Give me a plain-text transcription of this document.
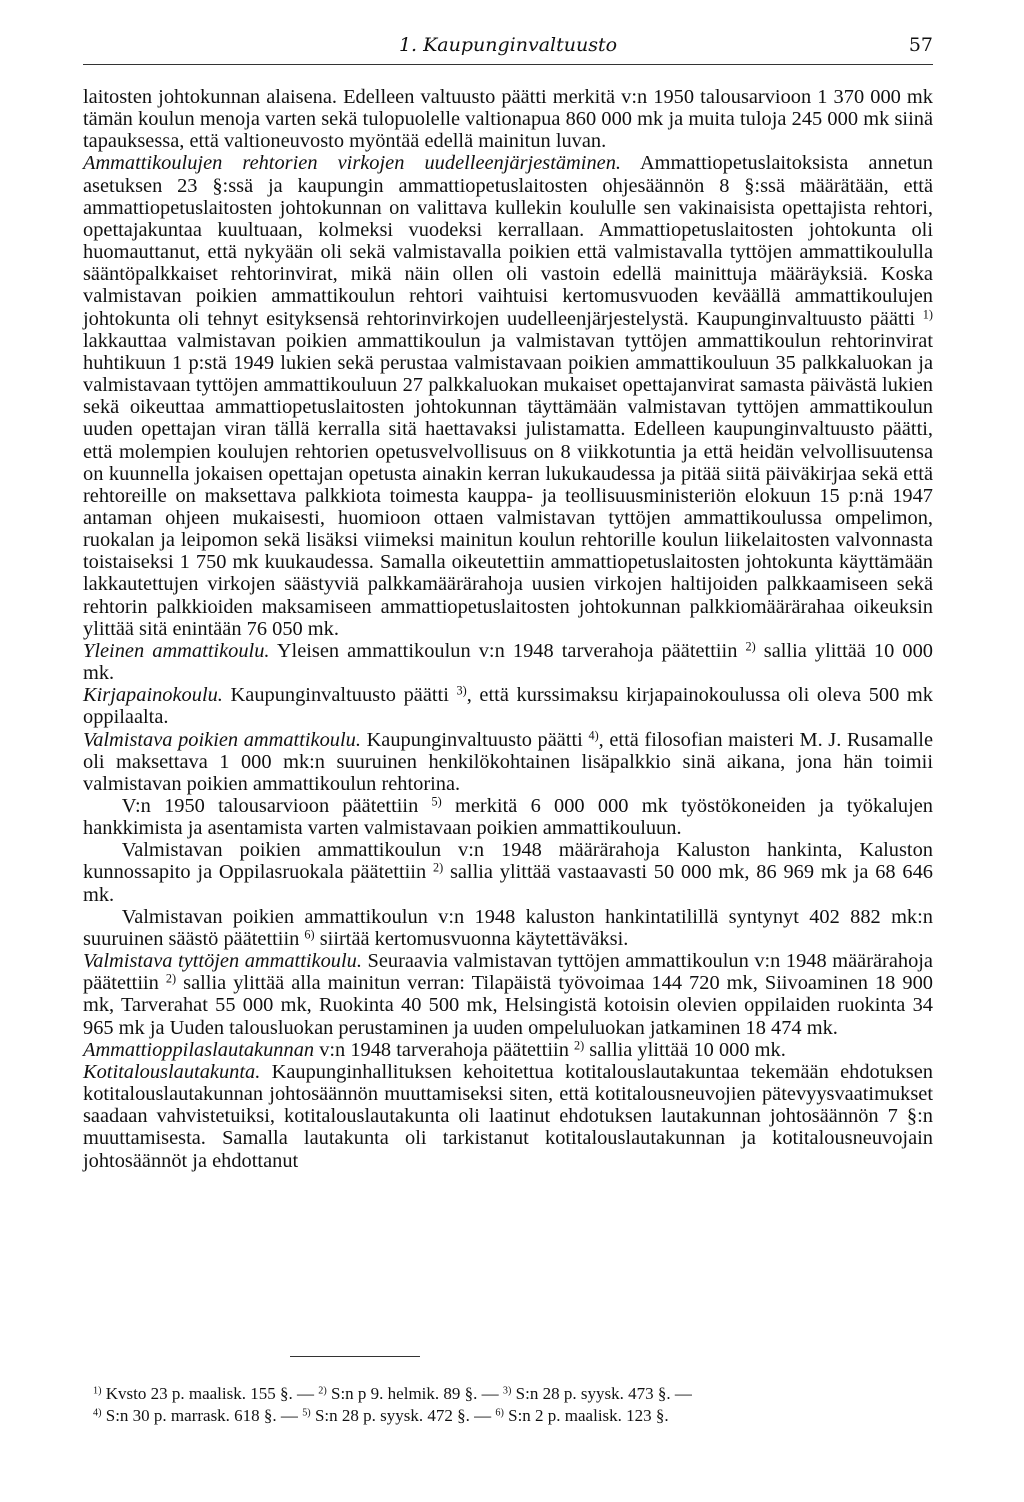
1. Kaupunginvaltuusto	57

laitosten johtokunnan alaisena. Edelleen valtuusto päätti merkitä v:n 1950 talousarvioon 1 370 000 mk tämän koulun menoja varten sekä tulopuolelle valtionapua 860 000 mk ja muita tuloja 245 000 mk siinä tapauksessa, että valtioneuvosto myöntää edellä mainitun luvan.

Ammattikoulujen rehtorien virkojen uudelleenjärjestäminen. Ammattiopetuslaitoksista annetun asetuksen 23 §:ssä ja kaupungin ammattiopetuslaitosten ohjesäännön 8 §:ssä määrätään, että ammattiopetuslaitosten johtokunnan on valittava kullekin koululle sen vakinaisista opettajista rehtori, opettajakuntaa kuultuaan, kolmeksi vuodeksi kerrallaan. Ammattiopetuslaitosten johtokunta oli huomauttanut, että nykyään oli sekä valmistavalla poikien että valmistavalla tyttöjen ammattikoululla sääntöpalkkaiset rehtorinvirat, mikä näin ollen oli vastoin edellä mainittuja määräyksiä. Koska valmistavan poikien ammattikoulun rehtori vaihtuisi kertomusvuoden keväällä ammattikoulujen johtokunta oli tehnyt esityksensä rehtorinvirkojen uudelleenjärjestelystä. Kaupunginvaltuusto päätti $^{1)}$ lakkauttaa valmistavan poikien ammattikoulun ja valmistavan tyttöjen ammattikoulun rehtorinvirat huhtikuun 1 p:stä 1949 lukien sekä perustaa valmistavaan poikien ammattikouluun 35 palkkaluokan ja valmistavaan tyttöjen ammattikouluun 27 palkkaluokan mukaiset opettajanvirat samasta päivästä lukien sekä oikeuttaa ammattiopetuslaitosten johtokunnan täyttämään valmistavan tyttöjen ammattikoulun uuden opettajan viran tällä kerralla sitä haettavaksi julistamatta. Edelleen kaupunginvaltuusto päätti, että molempien koulujen rehtorien opetusvelvollisuus on 8 viikkotuntia ja että heidän velvollisuutensa on kuunnella jokaisen opettajan opetusta ainakin kerran lukukaudessa ja pitää siitä päiväkirjaa sekä että rehtoreille on maksettava palkkiota toimesta kauppa- ja teollisuusministeriön elokuun 15 p:nä 1947 antaman ohjeen mukaisesti, huomioon ottaen valmistavan tyttöjen ammattikoulussa ompelimon, ruokalan ja leipomon sekä lisäksi viimeksi mainitun koulun rehtorille koulun liikelaitosten valvonnasta toistaiseksi 1 750 mk kuukaudessa. Samalla oikeutettiin ammattiopetuslaitosten johtokunta käyttämään lakkautettujen virkojen säästyviä palkkamäärärahoja uusien virkojen haltijoiden palkkaamiseen sekä rehtorin palkkioiden maksamiseen ammattiopetuslaitosten johtokunnan palkkiomäärärahaa oikeuksin ylittää sitä enintään 76 050 mk.

Yleinen ammattikoulu. Yleisen ammattikoulun v:n 1948 tarverahoja päätettiin $^{2)}$ sallia ylittää 10 000 mk.

Kirjapainokoulu. Kaupunginvaltuusto päätti $^{3)}$, että kurssimaksu kirjapainokoulussa oli oleva 500 mk oppilaalta.

Valmistava poikien ammattikoulu. Kaupunginvaltuusto päätti $^{4)}$, että filosofian maisteri M. J. Rusamalle oli maksettava 1 000 mk:n suuruinen henkilökohtainen lisäpalkkio sinä aikana, jona hän toimii valmistavan poikien ammattikoulun rehtorina.

V:n 1950 talousarvioon päätettiin $^{5)}$ merkitä 6 000 000 mk työstökoneiden ja työkalujen hankkimista ja asentamista varten valmistavaan poikien ammattikouluun.

Valmistavan poikien ammattikoulun v:n 1948 määrärahoja Kaluston hankinta, Kaluston kunnossapito ja Oppilasruokala päätettiin $^{2)}$ sallia ylittää vastaavasti 50 000 mk, 86 969 mk ja 68 646 mk.

Valmistavan poikien ammattikoulun v:n 1948 kaluston hankintatilillä syntynyt 402 882 mk:n suuruinen säästö päätettiin $^{6)}$ siirtää kertomusvuonna käytettäväksi.

Valmistava tyttöjen ammattikoulu. Seuraavia valmistavan tyttöjen ammattikoulun v:n 1948 määrärahoja päätettiin $^{2)}$ sallia ylittää alla mainitun verran: Tilapäistä työvoimaa 144 720 mk, Siivoaminen 18 900 mk, Tarverahat 55 000 mk, Ruokinta 40 500 mk, Helsingistä kotoisin olevien oppilaiden ruokinta 34 965 mk ja Uuden talousluokan perustaminen ja uuden ompeluluokan jatkaminen 18 474 mk.

Ammattioppilaslautakunnan v:n 1948 tarverahoja päätettiin $^{2)}$ sallia ylittää 10 000 mk.

Kotitalouslautakunta. Kaupunginhallituksen kehoitettua kotitalouslautakuntaa tekemään ehdotuksen kotitalouslautakunnan johtosäännön muuttamiseksi siten, että kotitalousneuvojien pätevyysvaatimukset saadaan vahvistetuiksi, kotitalouslautakunta oli laatinut ehdotuksen lautakunnan johtosäännön 7 §:n muuttamisesta. Samalla lautakunta oli tarkistanut kotitalouslautakunnan ja kotitalousneuvojain johtosäännöt ja ehdottanut

$^{1)}$ Kvsto 23 p. maalisk. 155 §. — $^{2)}$ S:n p 9. helmik. 89 §. — $^{3)}$ S:n 28 p. syysk. 473 §. —
$^{4)}$ S:n 30 p. marrask. 618 §. — $^{5)}$ S:n 28 p. syysk. 472 §. — $^{6)}$ S:n 2 p. maalisk. 123 §.
